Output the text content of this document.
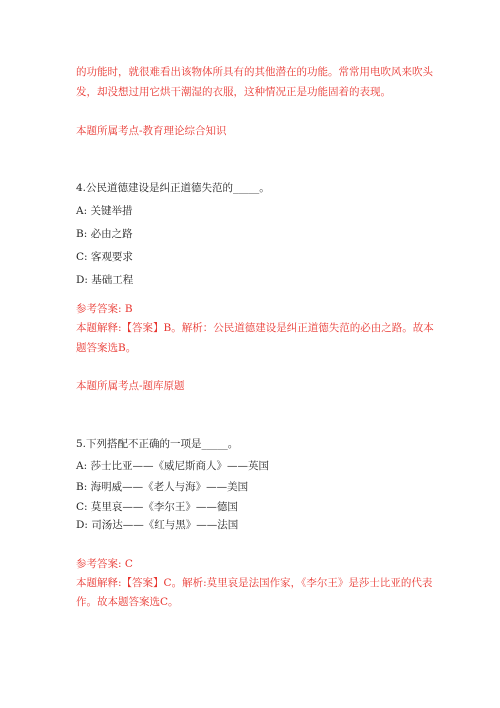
的功能时，就很难看出该物体所具有的其他潜在的功能。常常用电吹风来吹头
发，却没想过用它烘干潮湿的衣服，这种情况正是功能固着的表现。
本题所属考点-教育理论综合知识
4.公民道德建设是纠正道德失范的_____。
A: 关键举措
B: 必由之路
C: 客观要求
D: 基础工程
参考答案: B
本题解释:【答案】B。解析：公民道德建设是纠正道德失范的必由之路。故本
题答案选B。
本题所属考点-题库原题
5.下列搭配不正确的一项是_____。
A: 莎士比亚——《威尼斯商人》——英国
B: 海明威——《老人与海》——美国
C: 莫里哀——《李尔王》——德国
D: 司汤达——《红与黑》——法国
参考答案: C
本题解释:【答案】C。解析:莫里哀是法国作家，《李尔王》是莎士比亚的代表
作。故本题答案选C。
